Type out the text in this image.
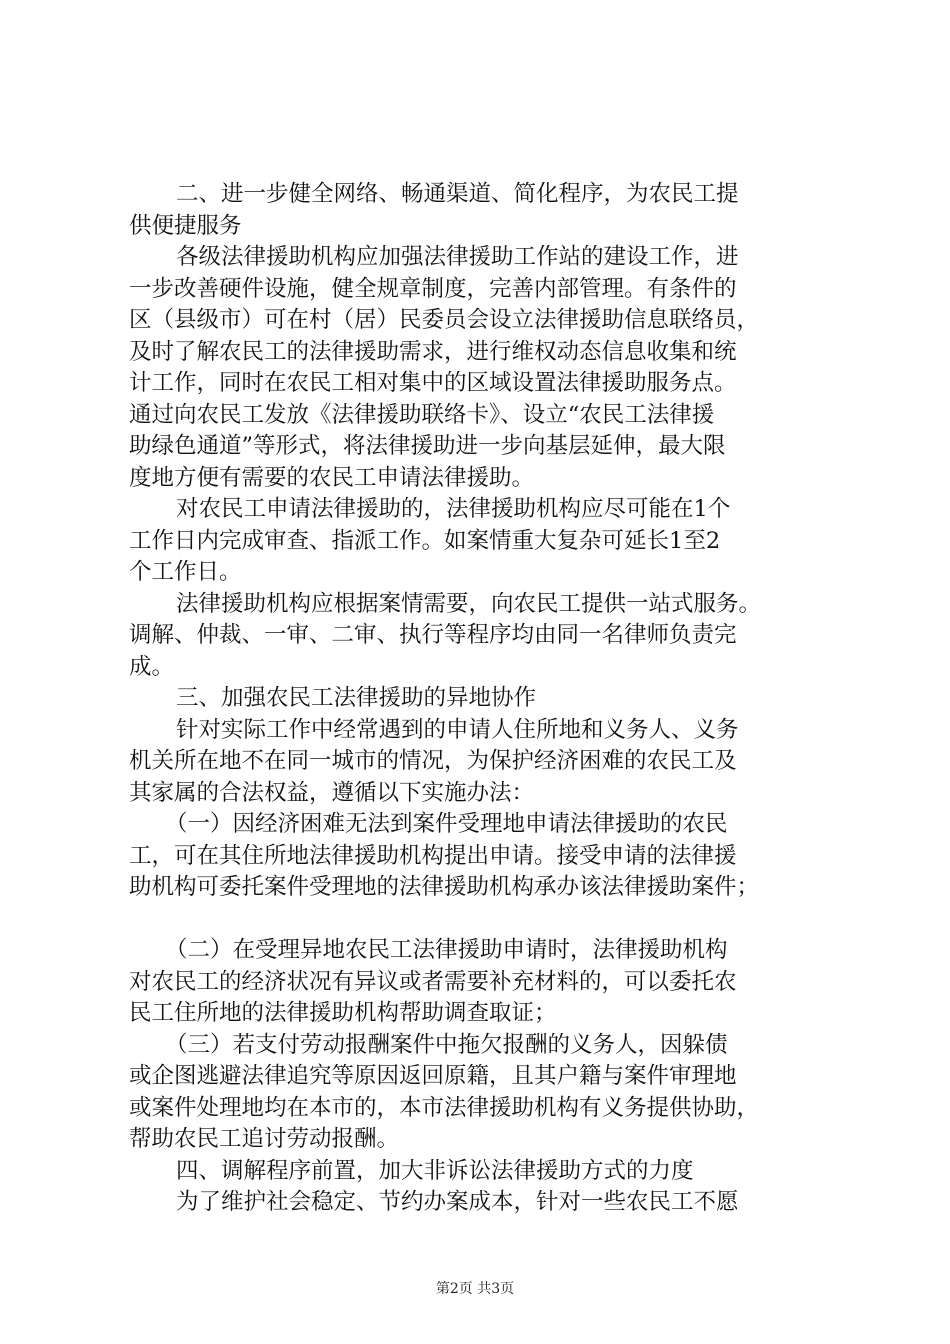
二、进一步健全网络、畅通渠道、简化程序，为农民工提
供便捷服务
各级法律援助机构应加强法律援助工作站的建设工作，进
一步改善硬件设施，健全规章制度，完善内部管理。有条件的
区（县级市）可在村（居）民委员会设立法律援助信息联络员，
及时了解农民工的法律援助需求，进行维权动态信息收集和统
计工作，同时在农民工相对集中的区域设置法律援助服务点。
通过向农民工发放《法律援助联络卡》、设立“农民工法律援
助绿色通道”等形式，将法律援助进一步向基层延伸，最大限
度地方便有需要的农民工申请法律援助。
对农民工申请法律援助的，法律援助机构应尽可能在1个
工作日内完成审查、指派工作。如案情重大复杂可延长1至2
个工作日。
法律援助机构应根据案情需要，向农民工提供一站式服务。
调解、仲裁、一审、二审、执行等程序均由同一名律师负责完
成。
三、加强农民工法律援助的异地协作
针对实际工作中经常遇到的申请人住所地和义务人、义务
机关所在地不在同一城市的情况，为保护经济困难的农民工及
其家属的合法权益，遵循以下实施办法：
（一）因经济困难无法到案件受理地申请法律援助的农民
工，可在其住所地法律援助机构提出申请。接受申请的法律援
助机构可委托案件受理地的法律援助机构承办该法律援助案件；
（二）在受理异地农民工法律援助申请时，法律援助机构
对农民工的经济状况有异议或者需要补充材料的，可以委托农
民工住所地的法律援助机构帮助调查取证；
（三）若支付劳动报酬案件中拖欠报酬的义务人，因躲债
或企图逃避法律追究等原因返回原籍，且其户籍与案件审理地
或案件处理地均在本市的，本市法律援助机构有义务提供协助，
帮助农民工追讨劳动报酬。
四、调解程序前置，加大非诉讼法律援助方式的力度
为了维护社会稳定、节约办案成本，针对一些农民工不愿
第2页 共3页
